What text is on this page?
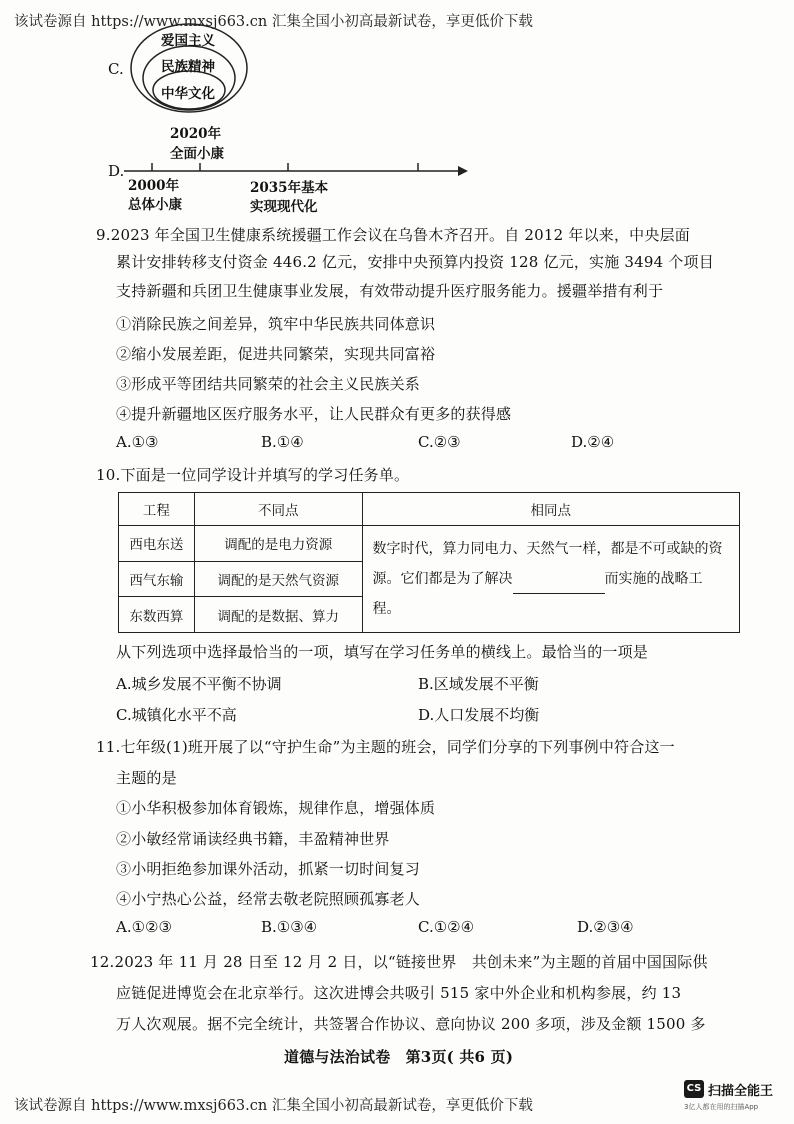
该试卷源自 https://www.mxsj663.cn 汇集全国小初高最新试卷，享更低价下载
C.
爱国主义
民族精神
中华文化
2020年
全面小康
D.
2000年
总体小康
2035年基本
实现现代化
9.2023 年全国卫生健康系统援疆工作会议在乌鲁木齐召开。自 2012 年以来，中央层面
累计安排转移支付资金 446.2 亿元，安排中央预算内投资 128 亿元，实施 3494 个项目
支持新疆和兵团卫生健康事业发展，有效带动提升医疗服务能力。援疆举措有利于
①消除民族之间差异，筑牢中华民族共同体意识
②缩小发展差距，促进共同繁荣，实现共同富裕
③形成平等团结共同繁荣的社会主义民族关系
④提升新疆地区医疗服务水平，让人民群众有更多的获得感
A.①③	B.①④	C.②③	D.②④
10.下面是一位同学设计并填写的学习任务单。
工程	不同点	相同点
西电东送	调配的是电力资源	数字时代，算力同电力、天然气一样，都是不可或缺的资源。它们都是为了解决 而实施的战略工程。
西气东输	调配的是天然气资源	
东数西算	调配的是数据、算力	
从下列选项中选择最恰当的一项，填写在学习任务单的横线上。最恰当的一项是
A.城乡发展不平衡不协调	B.区域发展不平衡
C.城镇化水平不高	D.人口发展不均衡
11.七年级(1)班开展了以“守护生命”为主题的班会，同学们分享的下列事例中符合这一
主题的是
①小华积极参加体育锻炼，规律作息，增强体质
②小敏经常诵读经典书籍，丰盈精神世界
③小明拒绝参加课外活动，抓紧一切时间复习
④小宁热心公益，经常去敬老院照顾孤寡老人
A.①②③	B.①③④	C.①②④	D.②③④
12.2023 年 11 月 28 日至 12 月 2 日，以“链接世界　共创未来”为主题的首届中国国际供
应链促进博览会在北京举行。这次进博会共吸引 515 家中外企业和机构参展，约 13
万人次观展。据不完全统计，共签署合作协议、意向协议 200 多项，涉及金额 1500 多
道德与法治试卷　第3页( 共6 页)
该试卷源自 https://www.mxsj663.cn 汇集全国小初高最新试卷，享更低价下载
CS 扫描全能王
3亿人都在用的扫描App
